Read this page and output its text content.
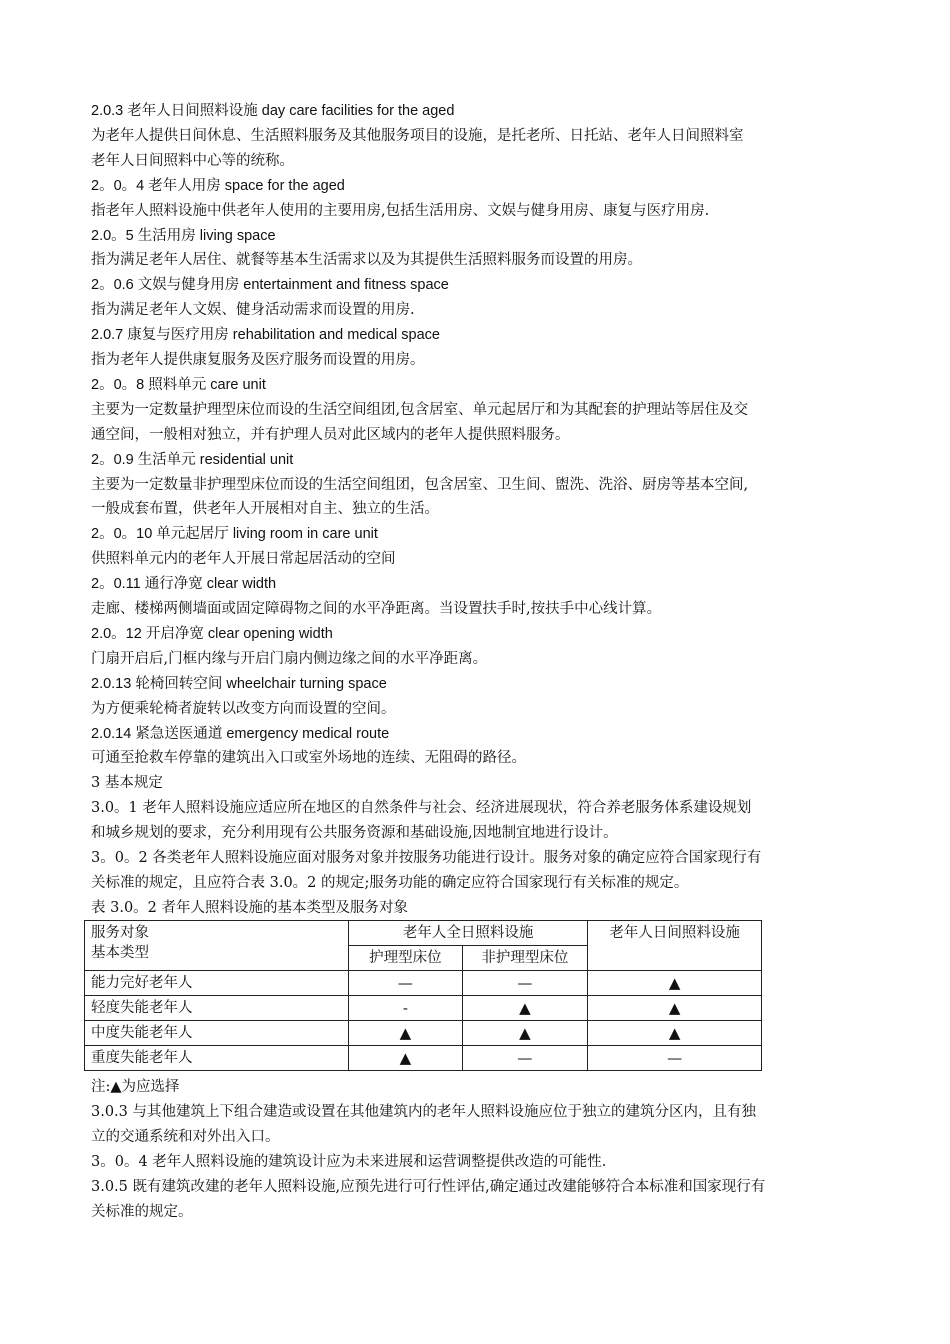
2.0.3 老年人日间照料设施 day care facilities for the aged
为老年人提供日间休息、生活照料服务及其他服务项目的设施，是托老所、日托站、老年人日间照料室
老年人日间照料中心等的统称。
2。0。4 老年人用房 space for the aged
指老年人照料设施中供老年人使用的主要用房,包括生活用房、文娱与健身用房、康复与医疗用房.
2.0。5 生活用房 living space
指为满足老年人居住、就餐等基本生活需求以及为其提供生活照料服务而设置的用房。
2。0.6 文娱与健身用房 entertainment and fitness space
指为满足老年人文娱、健身活动需求而设置的用房.
2.0.7 康复与医疗用房 rehabilitation and medical space
指为老年人提供康复服务及医疗服务而设置的用房。
2。0。8 照料单元 care unit
主要为一定数量护理型床位而设的生活空间组团,包含居室、单元起居厅和为其配套的护理站等居住及交
通空间，一般相对独立，并有护理人员对此区域内的老年人提供照料服务。
2。0.9 生活单元 residential unit
主要为一定数量非护理型床位而设的生活空间组团，包含居室、卫生间、盥洗、洗浴、厨房等基本空间,
一般成套布置，供老年人开展相对自主、独立的生活。
2。0。10 单元起居厅 living room in care unit
供照料单元内的老年人开展日常起居活动的空间
2。0.11 通行净宽 clear width
走廊、楼梯两侧墙面或固定障碍物之间的水平净距离。当设置扶手时,按扶手中心线计算。
2.0。12 开启净宽 clear opening width
门扇开启后,门框内缘与开启门扇内侧边缘之间的水平净距离。
2.0.13 轮椅回转空间 wheelchair turning space
为方便乘轮椅者旋转以改变方向而设置的空间。
2.0.14 紧急送医通道 emergency medical route
可通至抢救车停靠的建筑出入口或室外场地的连续、无阻碍的路径。
3 基本规定
3.0。1 老年人照料设施应适应所在地区的自然条件与社会、经济进展现状，符合养老服务体系建设规划
和城乡规划的要求，充分利用现有公共服务资源和基础设施,因地制宜地进行设计。
3。0。2 各类老年人照料设施应面对服务对象并按服务功能进行设计。服务对象的确定应符合国家现行有
关标准的规定，且应符合表 3.0。2 的规定;服务功能的确定应符合国家现行有关标准的规定。
表 3.0。2 者年人照料设施的基本类型及服务对象
服务对象
基本类型	老年人全日照料设施		老年人日间照料设施
	护理型床位	非护理型床位	
能力完好老年人	—	—	▲
轻度失能老年人	-	▲	▲
中度失能老年人	▲	▲	▲
重度失能老年人	▲	—	—
注:▲为应选择
3.0.3 与其他建筑上下组合建造或设置在其他建筑内的老年人照料设施应位于独立的建筑分区内，且有独
立的交通系统和对外出入口。
3。0。4 老年人照料设施的建筑设计应为未来进展和运营调整提供改造的可能性.
3.0.5 既有建筑改建的老年人照料设施,应预先进行可行性评估,确定通过改建能够符合本标准和国家现行有
关标准的规定。
